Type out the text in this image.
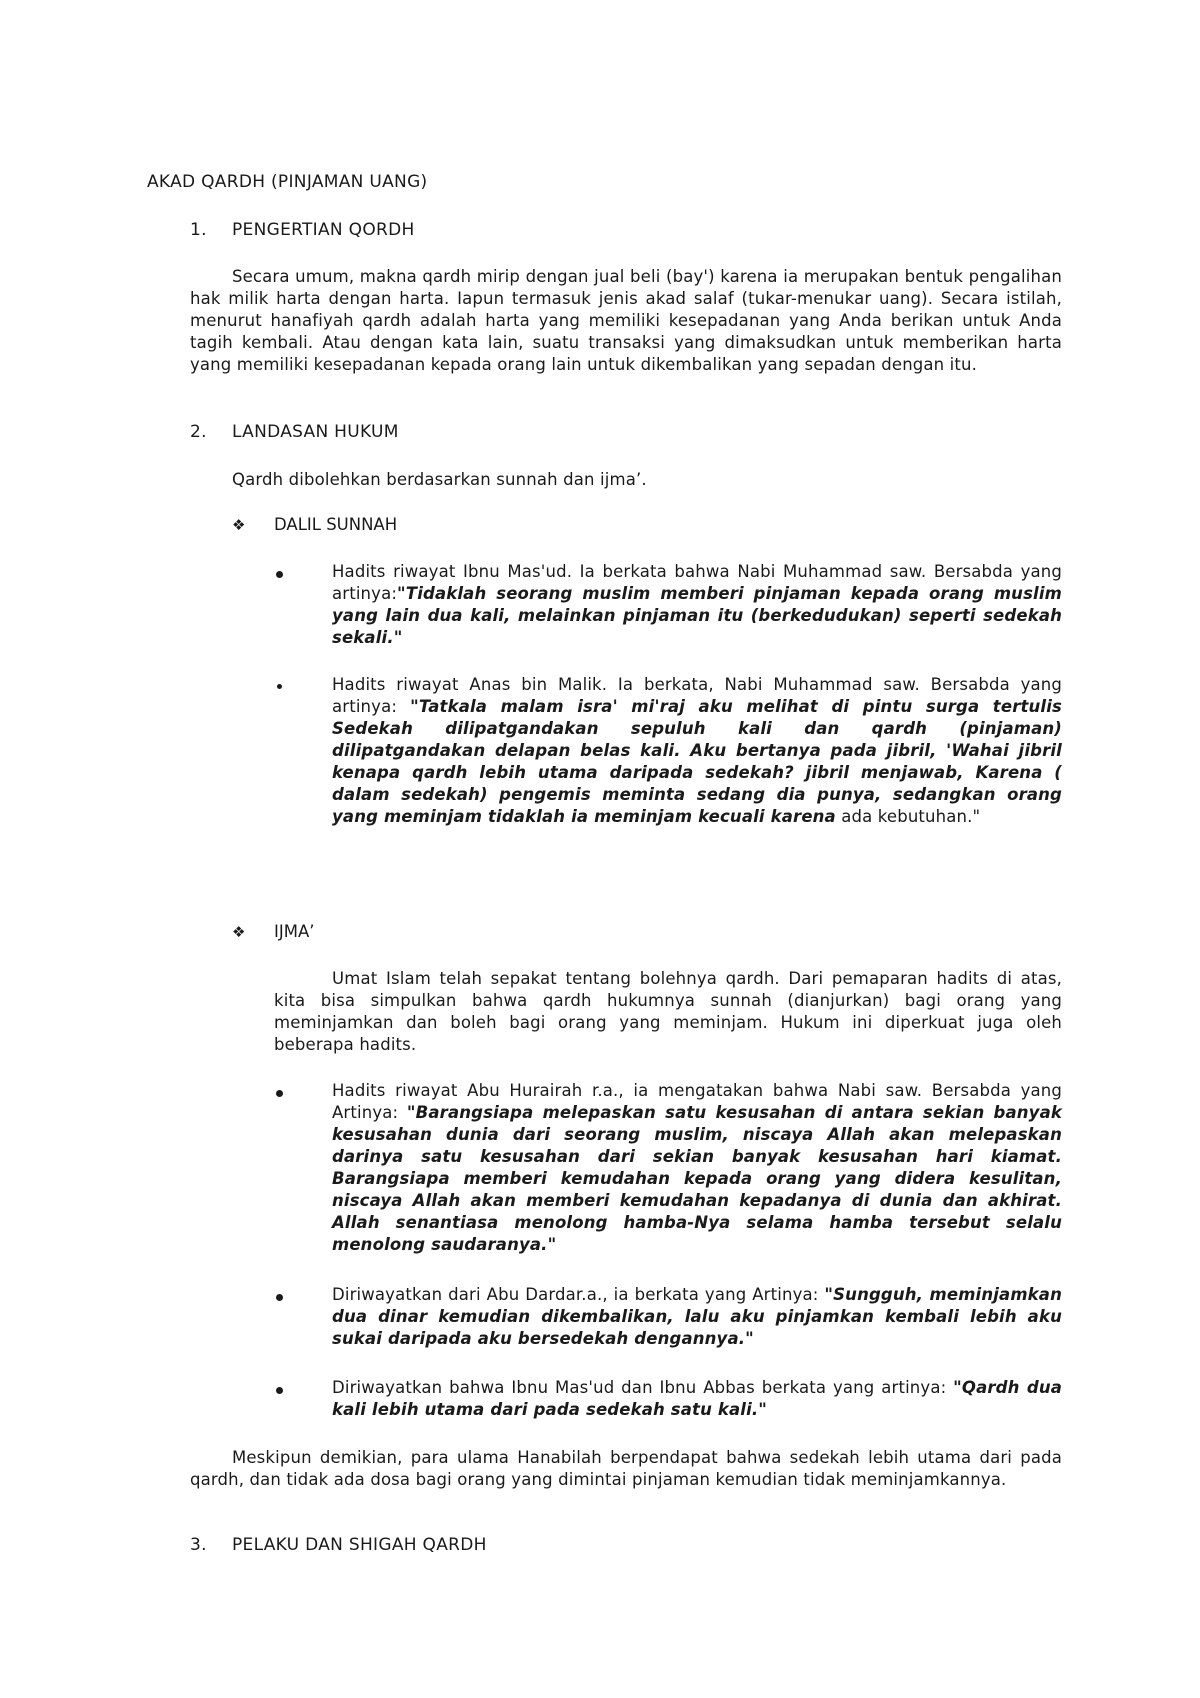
AKAD QARDH (PINJAMAN UANG)
1. PENGERTIAN QORDH
Secara umum, makna qardh mirip dengan jual beli (bay') karena ia merupakan bentuk pengalihan hak milik harta dengan harta. Iapun termasuk jenis akad salaf (tukar-menukar uang). Secara istilah, menurut hanafiyah qardh adalah harta yang memiliki kesepadanan yang Anda berikan untuk Anda tagih kembali. Atau dengan kata lain, suatu transaksi yang dimaksudkan untuk memberikan harta yang memiliki kesepadanan kepada orang lain untuk dikembalikan yang sepadan dengan itu.
2. LANDASAN HUKUM
Qardh dibolehkan berdasarkan sunnah dan ijma’.
❖ DALIL SUNNAH
Hadits riwayat Ibnu Mas'ud. Ia berkata bahwa Nabi Muhammad saw. Bersabda yang artinya:"Tidaklah seorang muslim memberi pinjaman kepada orang muslim yang lain dua kali, melainkan pinjaman itu (berkedudukan) seperti sedekah sekali."
Hadits riwayat Anas bin Malik. Ia berkata, Nabi Muhammad saw. Bersabda yang artinya: "Tatkala malam isra' mi'raj aku melihat di pintu surga tertulis Sedekah dilipatgandakan sepuluh kali dan qardh (pinjaman) dilipatgandakan delapan belas kali. Aku bertanya pada jibril, 'Wahai jibril kenapa qardh lebih utama daripada sedekah? jibril menjawab, Karena ( dalam sedekah) pengemis meminta sedang dia punya, sedangkan orang yang meminjam tidaklah ia meminjam kecuali karena ada kebutuhan."
❖ IJMA’
Umat Islam telah sepakat tentang bolehnya qardh. Dari pemaparan hadits di atas, kita bisa simpulkan bahwa qardh hukumnya sunnah (dianjurkan) bagi orang yang meminjamkan dan boleh bagi orang yang meminjam. Hukum ini diperkuat juga oleh beberapa hadits.
Hadits riwayat Abu Hurairah r.a., ia mengatakan bahwa Nabi saw. Bersabda yang Artinya: "Barangsiapa melepaskan satu kesusahan di antara sekian banyak kesusahan dunia dari seorang muslim, niscaya Allah akan melepaskan darinya satu kesusahan dari sekian banyak kesusahan hari kiamat. Barangsiapa memberi kemudahan kepada orang yang didera kesulitan, niscaya Allah akan memberi kemudahan kepadanya di dunia dan akhirat. Allah senantiasa menolong hamba-Nya selama hamba tersebut selalu menolong saudaranya."
Diriwayatkan dari Abu Dardar.a., ia berkata yang Artinya: "Sungguh, meminjamkan dua dinar kemudian dikembalikan, lalu aku pinjamkan kembali lebih aku sukai daripada aku bersedekah dengannya."
Diriwayatkan bahwa Ibnu Mas'ud dan Ibnu Abbas berkata yang artinya: "Qardh dua kali lebih utama dari pada sedekah satu kali."
Meskipun demikian, para ulama Hanabilah berpendapat bahwa sedekah lebih utama dari pada qardh, dan tidak ada dosa bagi orang yang dimintai pinjaman kemudian tidak meminjamkannya.
3. PELAKU DAN SHIGAH QARDH
